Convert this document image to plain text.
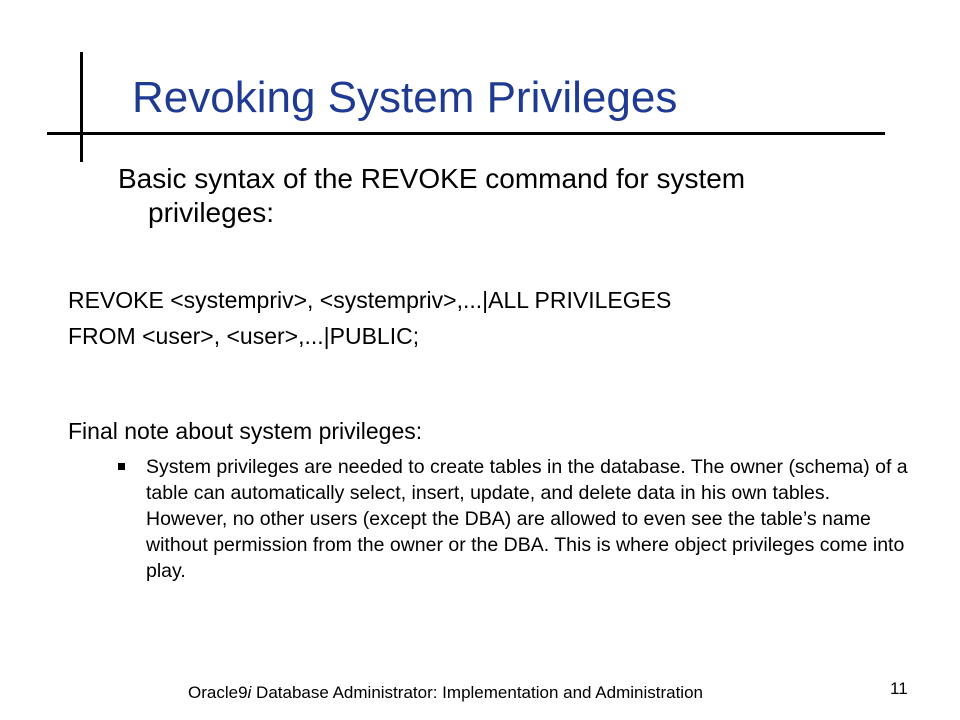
Revoking System Privileges

Basic syntax of the REVOKE command for system privileges:

REVOKE <systempriv>, <systempriv>,...|ALL PRIVILEGES
FROM <user>, <user>,...|PUBLIC;

Final note about system privileges:

System privileges are needed to create tables in the database. The owner (schema) of a table can automatically select, insert, update, and delete data in his own tables. However, no other users (except the DBA) are allowed to even see the table’s name without permission from the owner or the DBA. This is where object privileges come into play.

Oracle9i Database Administrator: Implementation and Administration	11
